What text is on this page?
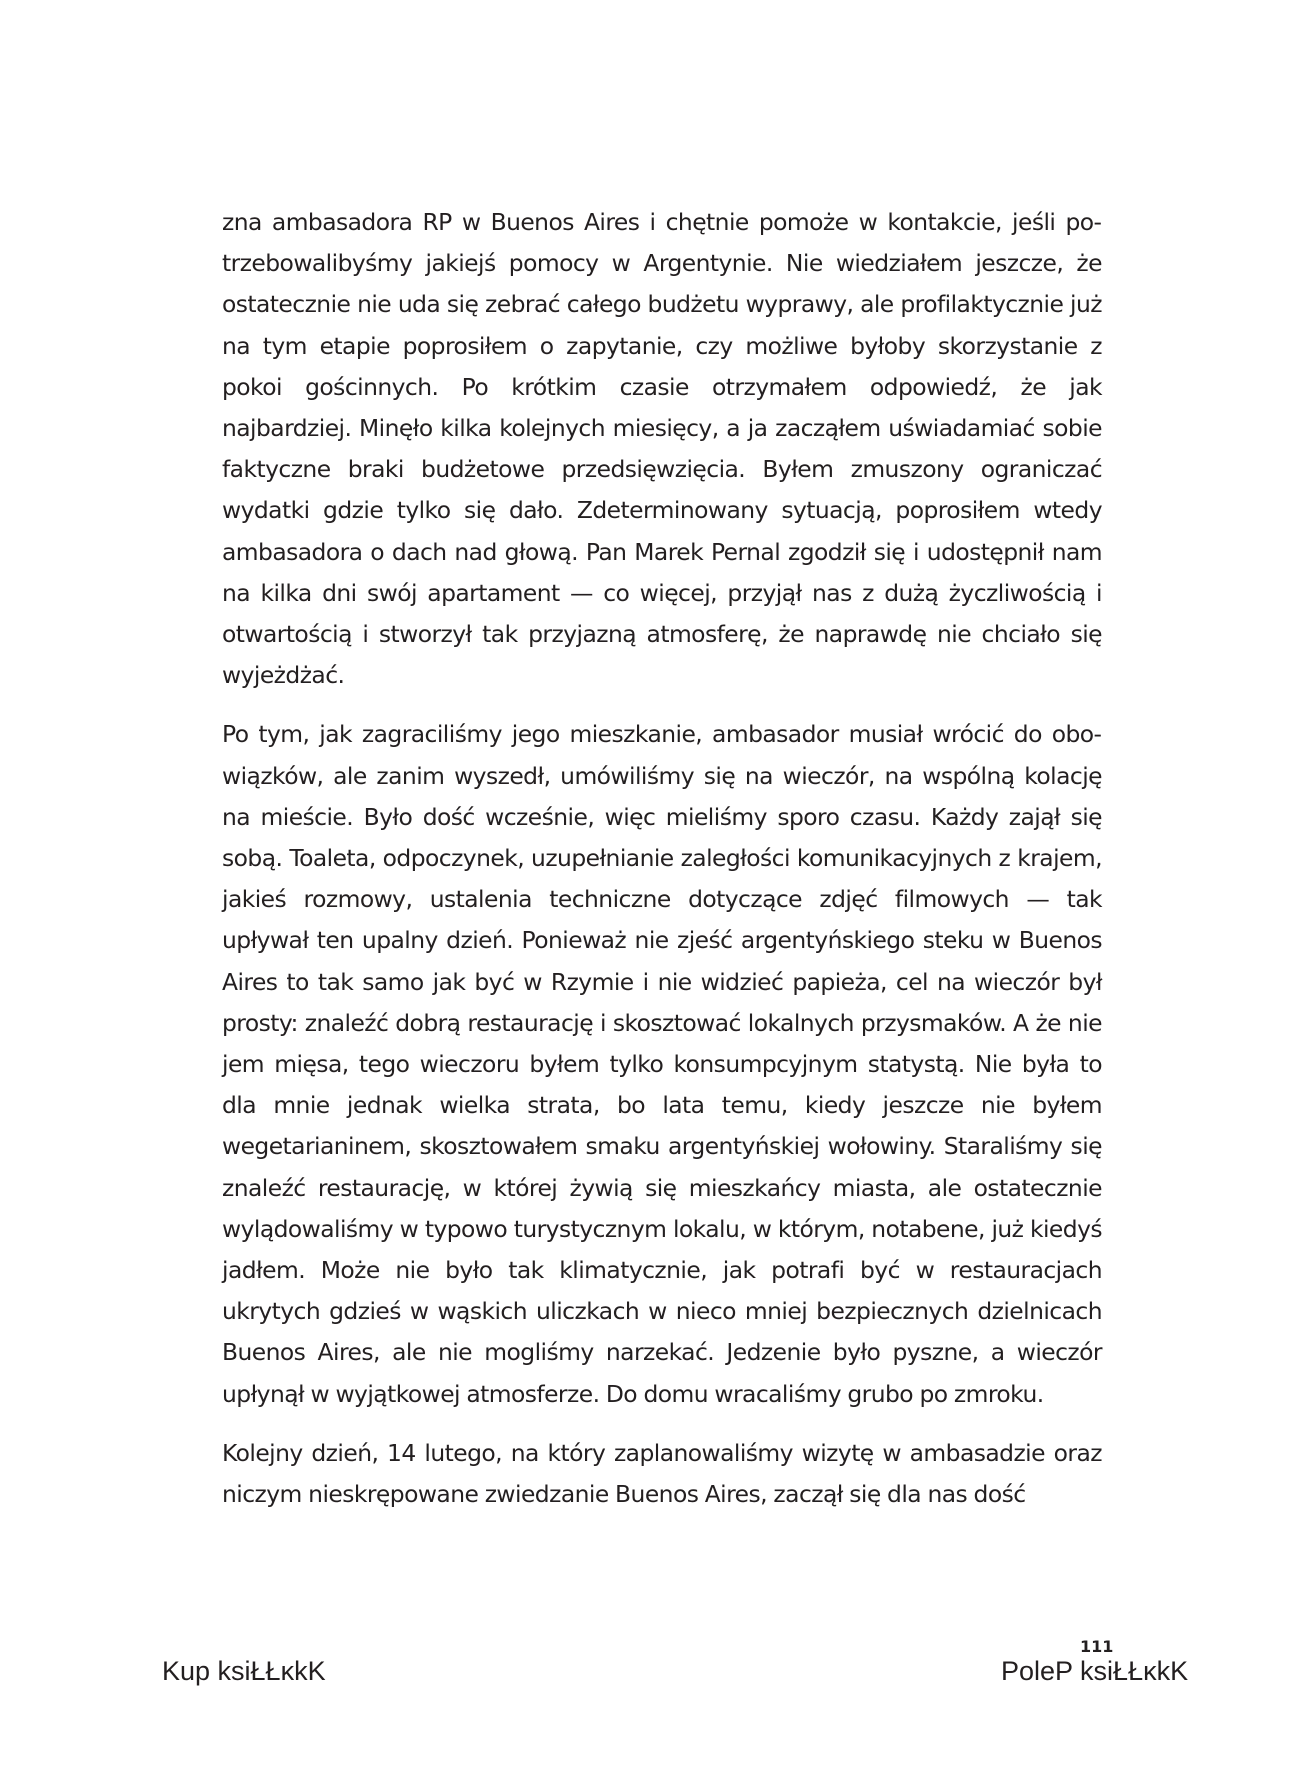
zna ambasadora RP w Buenos Aires i chętnie pomoże w kontakcie, jeśli potrzebowalibyśmy jakiejś pomocy w Argentynie. Nie wiedziałem jeszcze, że ostatecznie nie uda się zebrać całego budżetu wyprawy, ale profilaktycznie już na tym etapie poprosiłem o zapytanie, czy możliwe byłoby skorzystanie z pokoi gościnnych. Po krótkim czasie otrzymałem odpowiedź, że jak najbardziej. Minęło kilka kolejnych miesięcy, a ja zacząłem uświadamiać sobie faktyczne braki budżetowe przedsięwzięcia. Byłem zmuszony ograniczać wydatki gdzie tylko się dało. Zdeterminowany sytuacją, poprosiłem wtedy ambasadora o dach nad głową. Pan Marek Pernal zgodził się i udostępnił nam na kilka dni swój apartament — co więcej, przyjął nas z dużą życzliwością i otwartością i stworzył tak przyjazną atmosferę, że naprawdę nie chciało się wyjeżdżać.

Po tym, jak zagraciliśmy jego mieszkanie, ambasador musiał wrócić do obowiązków, ale zanim wyszedł, umówiliśmy się na wieczór, na wspólną kolację na mieście. Było dość wcześnie, więc mieliśmy sporo czasu. Każdy zajął się sobą. Toaleta, odpoczynek, uzupełnianie zaległości komunikacyjnych z krajem, jakieś rozmowy, ustalenia techniczne dotyczące zdjęć filmowych — tak upływał ten upalny dzień. Ponieważ nie zjeść argentyńskiego steku w Buenos Aires to tak samo jak być w Rzymie i nie widzieć papieża, cel na wieczór był prosty: znaleźć dobrą restaurację i skosztować lokalnych przysmaków. A że nie jem mięsa, tego wieczoru byłem tylko konsumpcyjnym statystą. Nie była to dla mnie jednak wielka strata, bo lata temu, kiedy jeszcze nie byłem wegetarianinem, skosztowałem smaku argentyńskiej wołowiny. Staraliśmy się znaleźć restaurację, w której żywią się mieszkańcy miasta, ale ostatecznie wylądowaliśmy w typowo turystycznym lokalu, w którym, notabene, już kiedyś jadłem. Może nie było tak klimatycznie, jak potrafi być w restauracjach ukrytych gdzieś w wąskich uliczkach w nieco mniej bezpiecznych dzielnicach Buenos Aires, ale nie mogliśmy narzekać. Jedzenie było pyszne, a wieczór upłynął w wyjątkowej atmosferze. Do domu wracaliśmy grubo po zmroku.

Kolejny dzień, 14 lutego, na który zaplanowaliśmy wizytę w ambasadzie oraz niczym nieskrępowane zwiedzanie Buenos Aires, zaczął się dla nas dość

111
Kup ksiŁŁĸkK	PoleP ksiŁŁĸkK
